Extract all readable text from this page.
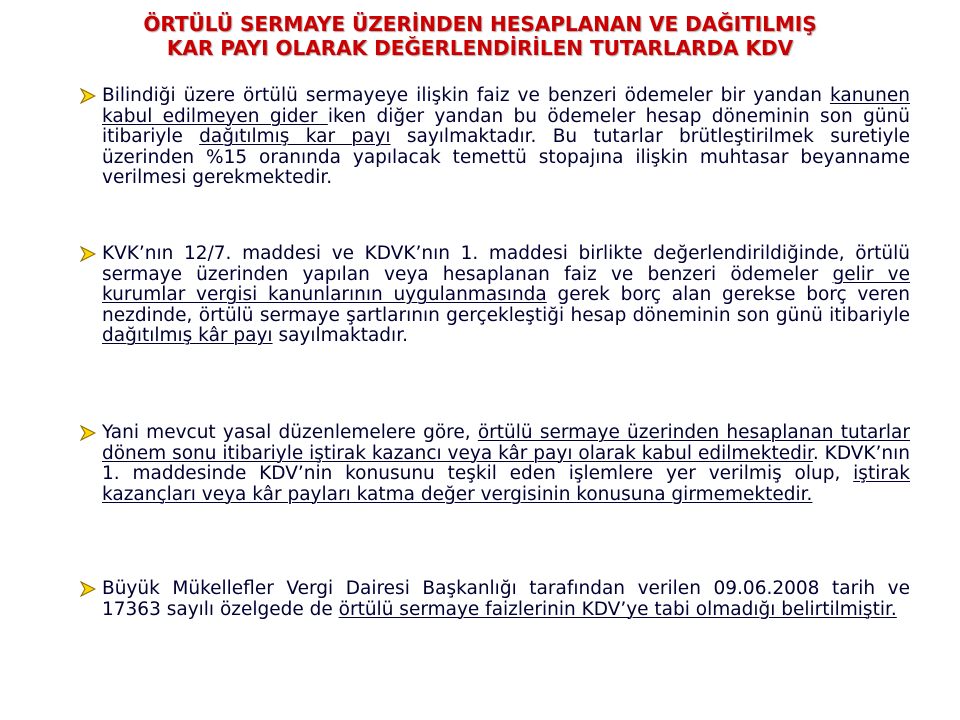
ÖRTÜLÜ SERMAYE ÜZERİNDEN HESAPLANAN VE DAĞITILMIŞ
KAR PAYI OLARAK DEĞERLENDİRİLEN TUTARLARDA KDV
Bilindiği üzere örtülü sermayeye ilişkin faiz ve benzeri ödemeler bir yandan kanunen kabul edilmeyen gider iken diğer yandan bu ödemeler hesap döneminin son günü itibariyle dağıtılmış kar payı sayılmaktadır. Bu tutarlar brütleştirilmek suretiyle üzerinden %15 oranında yapılacak temettü stopajına ilişkin muhtasar beyanname verilmesi gerekmektedir.
KVK’nın 12/7. maddesi ve KDVK’nın 1. maddesi birlikte değerlendirildiğinde, örtülü sermaye üzerinden yapılan veya hesaplanan faiz ve benzeri ödemeler gelir ve kurumlar vergisi kanunlarının uygulanmasında gerek borç alan gerekse borç veren nezdinde, örtülü sermaye şartlarının gerçekleştiği hesap döneminin son günü itibariyle dağıtılmış kâr payı sayılmaktadır.
Yani mevcut yasal düzenlemelere göre, örtülü sermaye üzerinden hesaplanan tutarlar dönem sonu itibariyle iştirak kazancı veya kâr payı olarak kabul edilmektedir. KDVK’nın 1. maddesinde KDV’nin konusunu teşkil eden işlemlere yer verilmiş olup, iştirak kazançları veya kâr payları katma değer vergisinin konusuna girmemektedir.
Büyük Mükellefler Vergi Dairesi Başkanlığı tarafından verilen 09.06.2008 tarih ve 17363 sayılı özelgede de örtülü sermaye faizlerinin KDV’ye tabi olmadığı belirtilmiştir.
